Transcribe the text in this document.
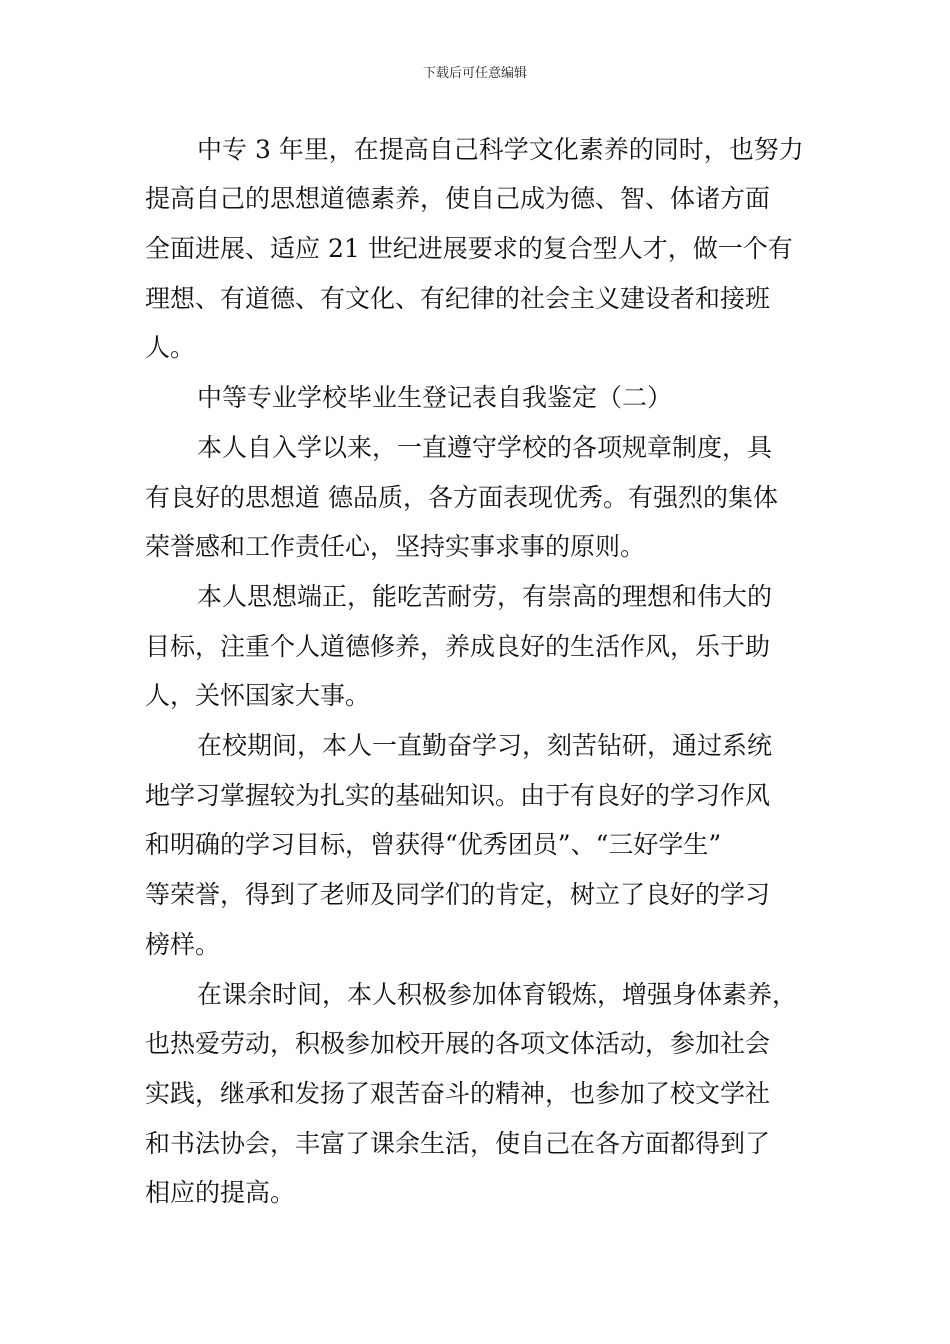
下载后可任意编辑
中专 3 年里，在提高自己科学文化素养的同时，也努力
提高自己的思想道德素养，使自己成为德、智、体诸方面
全面进展、适应 21 世纪进展要求的复合型人才，做一个有
理想、有道德、有文化、有纪律的社会主义建设者和接班
人。
中等专业学校毕业生登记表自我鉴定（二）
本人自入学以来，一直遵守学校的各项规章制度，具
有良好的思想道 德品质，各方面表现优秀。有强烈的集体
荣誉感和工作责任心，坚持实事求事的原则。
本人思想端正，能吃苦耐劳，有崇高的理想和伟大的
目标，注重个人道德修养，养成良好的生活作风，乐于助
人，关怀国家大事。
在校期间，本人一直勤奋学习，刻苦钻研，通过系统
地学习掌握较为扎实的基础知识。由于有良好的学习作风
和明确的学习目标，曾获得“优秀团员”、“三好学生”
等荣誉，得到了老师及同学们的肯定，树立了良好的学习
榜样。
在课余时间，本人积极参加体育锻炼，增强身体素养，
也热爱劳动，积极参加校开展的各项文体活动，参加社会
实践，继承和发扬了艰苦奋斗的精神，也参加了校文学社
和书法协会，丰富了课余生活，使自己在各方面都得到了
相应的提高。
